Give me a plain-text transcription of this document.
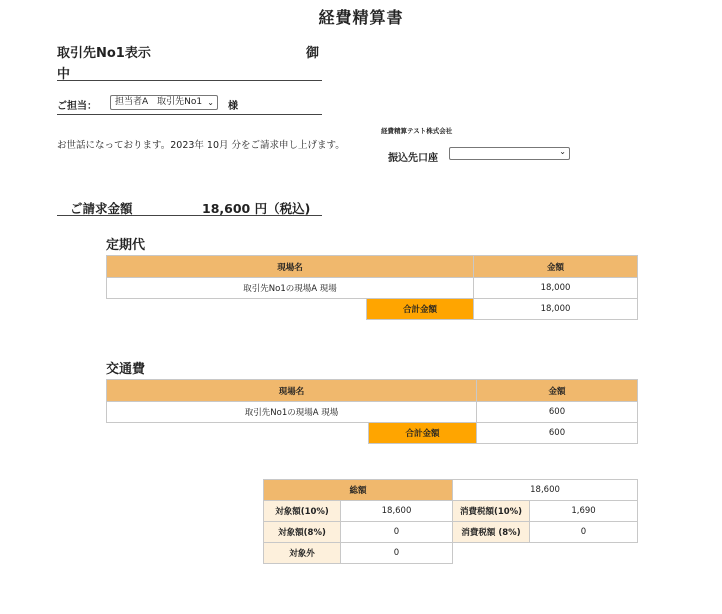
経費精算書
取引先No1表示	御
中
ご担当：	担当者A　取引先No1 ⌄ 様
お世話になっております。2023年 10月 分をご請求申し上げます。
経費精算テスト株式会社
振込先口座
⌄
ご請求金額	18,600 円（税込)
定期代
現場名		金額
取引先No1の現場A 現場		18,000
	合計金額	18,000
交通費
現場名		金額
取引先No1の現場A 現場		600
	合計金額	600
総額		18,600	
対象額(10%)	18,600	消費税額(10%)	1,690
対象額(8%)	0	消費税額 (8%)	0
対象外	0		
